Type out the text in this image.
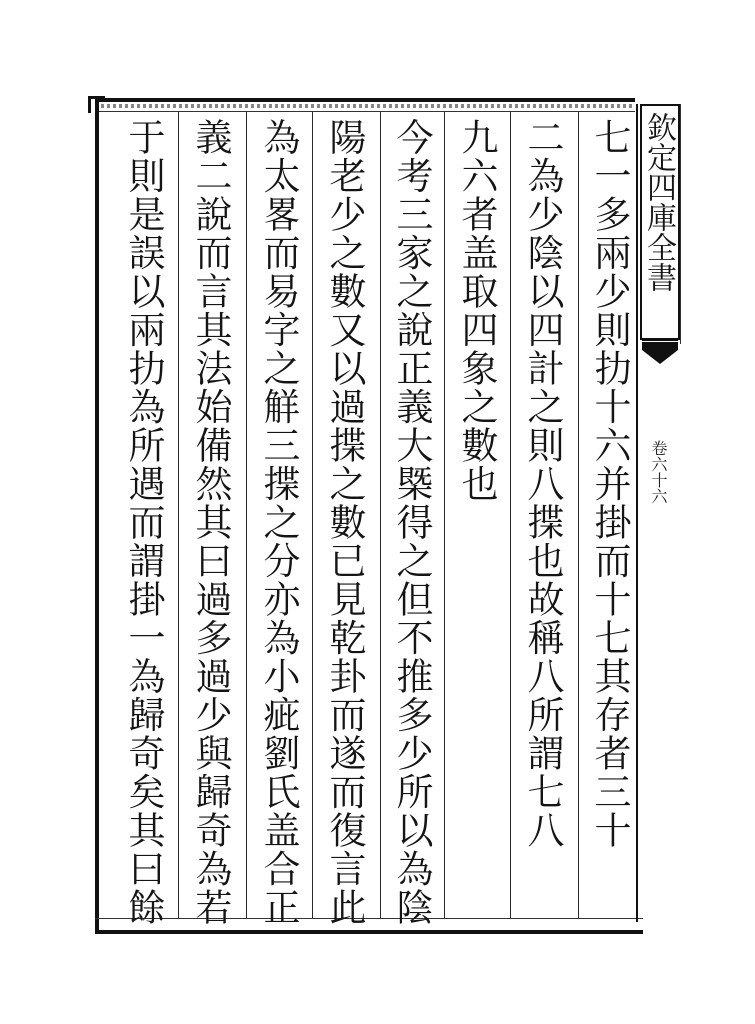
七一多兩少則扐十六并掛而十七其存者三十
二為少陰以四計之則八揲也故稱八所謂七八
九六者盖取四象之數也
今考三家之說正義大槩得之但不推多少所以為陰
陽老少之數又以過揲之數已見乾卦而遂而復言此
為太畧而易字之觧三揲之分亦為小疵劉氏盖合正
義二說而言其法始備然其曰過多過少與歸奇為若
于則是誤以兩扐為所遇而謂掛一為歸奇矣其曰餘	欽定四庫全書
卷六十六
